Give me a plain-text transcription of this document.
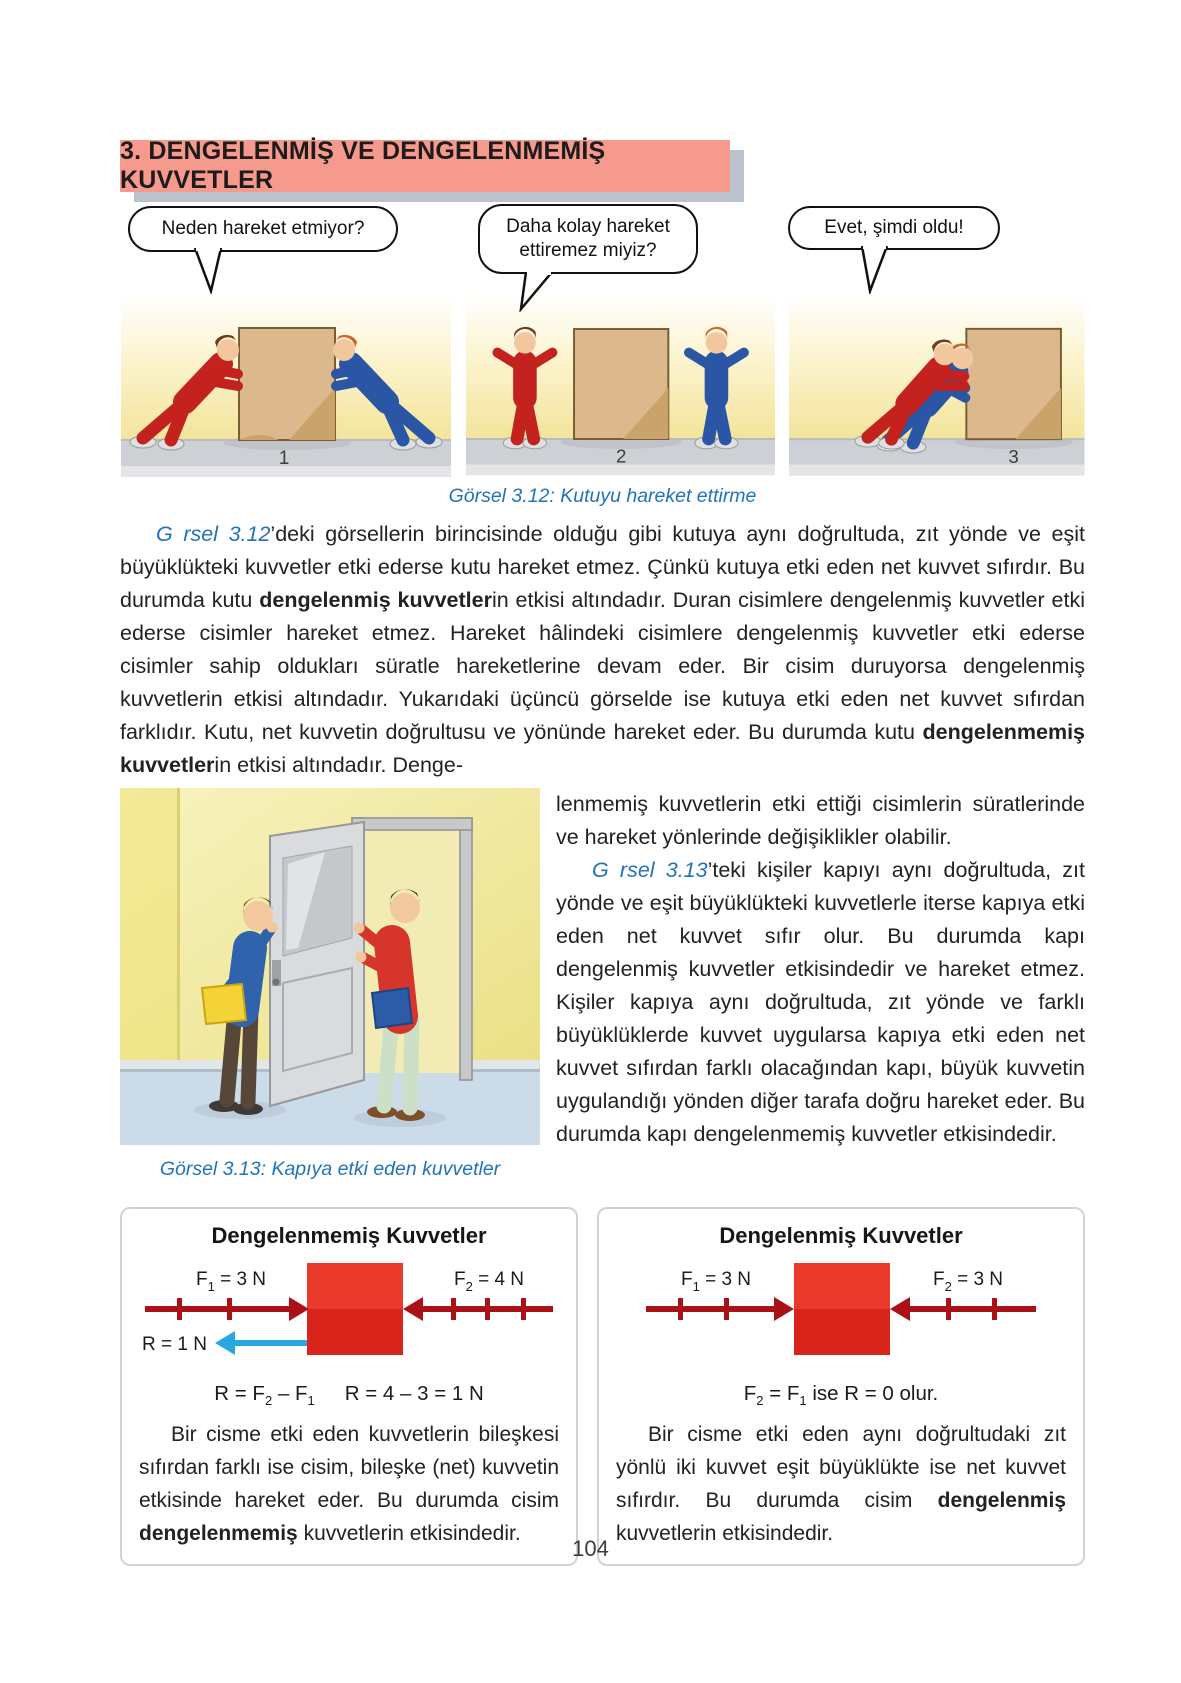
3. DENGELENMİŞ VE DENGELENMEMİŞ KUVVETLER
Neden hareket etmiyor?	Daha kolay hareket ettiremez miyiz?
Evet, şimdi oldu!
1	2	3
Görsel 3.12: Kutuyu hareket ettirme

G rsel 3.12’deki görsellerin birincisinde olduğu gibi kutuya aynı doğrultuda, zıt yönde ve eşit büyüklükteki kuvvetler etki ederse kutu hareket etmez. Çünkü kutuya etki eden net kuvvet sıfırdır. Bu durumda kutu dengelenmiş kuvvetlerin etkisi altındadır. Duran cisimlere dengelenmiş kuvvetler etki ederse cisimler hareket etmez. Hareket hâlindeki cisimlere dengelenmiş kuvvetler etki ederse cisimler sahip oldukları süratle hareketlerine devam eder. Bir cisim duruyorsa dengelenmiş kuvvetlerin etkisi altındadır. Yukarıdaki üçüncü görselde ise kutuya etki eden net kuvvet sıfırdan farklıdır. Kutu, net kuvvetin doğrultusu ve yönünde hareket eder. Bu durumda kutu dengelenmemiş kuvvetlerin etkisi altındadır. Denge-

Görsel 3.13: Kapıya etki eden kuvvetler

lenmemiş kuvvetlerin etki ettiği cisimlerin süratlerinde ve hareket yönlerinde değişiklikler olabilir.

G rsel 3.13’teki kişiler kapıyı aynı doğrultuda, zıt yönde ve eşit büyüklükteki kuvvetlerle iterse kapıya etki eden net kuvvet sıfır olur. Bu durumda kapı dengelenmiş kuvvetler etkisindedir ve hareket etmez. Kişiler kapıya aynı doğrultuda, zıt yönde ve farklı büyüklüklerde kuvvet uygularsa kapıya etki eden net kuvvet sıfırdan farklı olacağından kapı, büyük kuvvetin uygulandığı yönden diğer tarafa doğru hareket eder. Bu durumda kapı dengelenmemiş kuvvetler etkisindedir.

Dengelenmemiş Kuvvetler
$F_1 = 3$ N	$F_2 = 4$ N
R = 1 N
$R = F_2 - F_1$ R = 4 – 3 = 1 N

Bir cisme etki eden kuvvetlerin bileşkesi sıfırdan farklı ise cisim, bileşke (net) kuvvetin etkisinde hareket eder. Bu durumda cisim dengelenmemiş kuvvetlerin etkisindedir.

Dengelenmiş Kuvvetler
$F_1 = 3$ N	$F_2 = 3$ N
$F_2 = F_1$ ise R = 0 olur.

Bir cisme etki eden aynı doğrultudaki zıt yönlü iki kuvvet eşit büyüklükte ise net kuvvet sıfırdır. Bu durumda cisim dengelenmiş kuvvetlerin etkisindedir.

104
